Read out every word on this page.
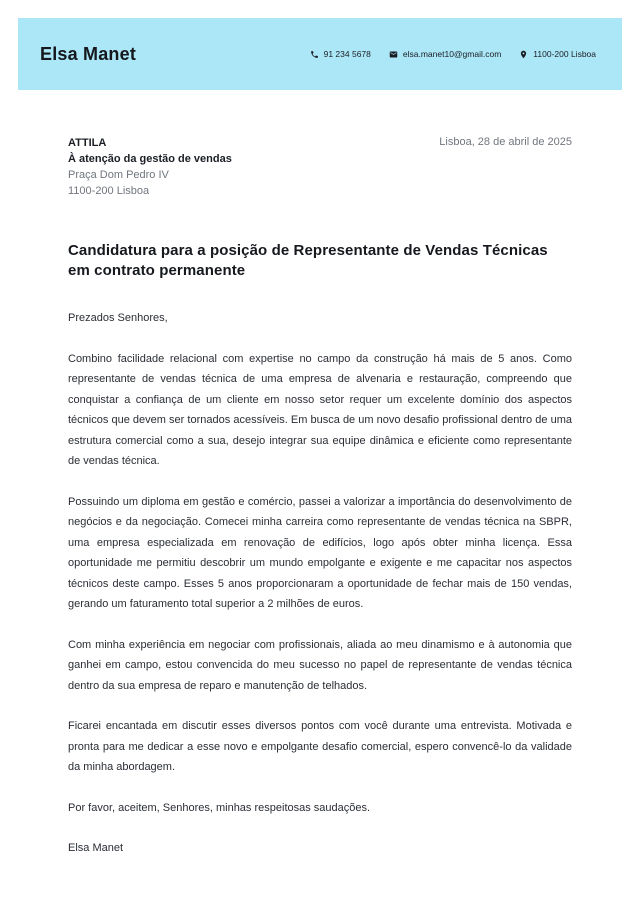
Elsa Manet	91 234 5678	elsa.manet10@gmail.com	1100-200 Lisboa
ATTILA
À atenção da gestão de vendas
Praça Dom Pedro IV
1100-200 Lisboa
Lisboa, 28 de abril de 2025
Candidatura para a posição de Representante de Vendas Técnicas em contrato permanente
Prezados Senhores,

Combino facilidade relacional com expertise no campo da construção há mais de 5 anos. Como representante de vendas técnica de uma empresa de alvenaria e restauração, compreendo que conquistar a confiança de um cliente em nosso setor requer um excelente domínio dos aspectos técnicos que devem ser tornados acessíveis. Em busca de um novo desafio profissional dentro de uma estrutura comercial como a sua, desejo integrar sua equipe dinâmica e eficiente como representante de vendas técnica.

Possuindo um diploma em gestão e comércio, passei a valorizar a importância do desenvolvimento de negócios e da negociação. Comecei minha carreira como representante de vendas técnica na SBPR, uma empresa especializada em renovação de edifícios, logo após obter minha licença. Essa oportunidade me permitiu descobrir um mundo empolgante e exigente e me capacitar nos aspectos técnicos deste campo. Esses 5 anos proporcionaram a oportunidade de fechar mais de 150 vendas, gerando um faturamento total superior a 2 milhões de euros.

Com minha experiência em negociar com profissionais, aliada ao meu dinamismo e à autonomia que ganhei em campo, estou convencida do meu sucesso no papel de representante de vendas técnica dentro da sua empresa de reparo e manutenção de telhados.

Ficarei encantada em discutir esses diversos pontos com você durante uma entrevista. Motivada e pronta para me dedicar a esse novo e empolgante desafio comercial, espero convencê-lo da validade da minha abordagem.

Por favor, aceitem, Senhores, minhas respeitosas saudações.
Elsa Manet
